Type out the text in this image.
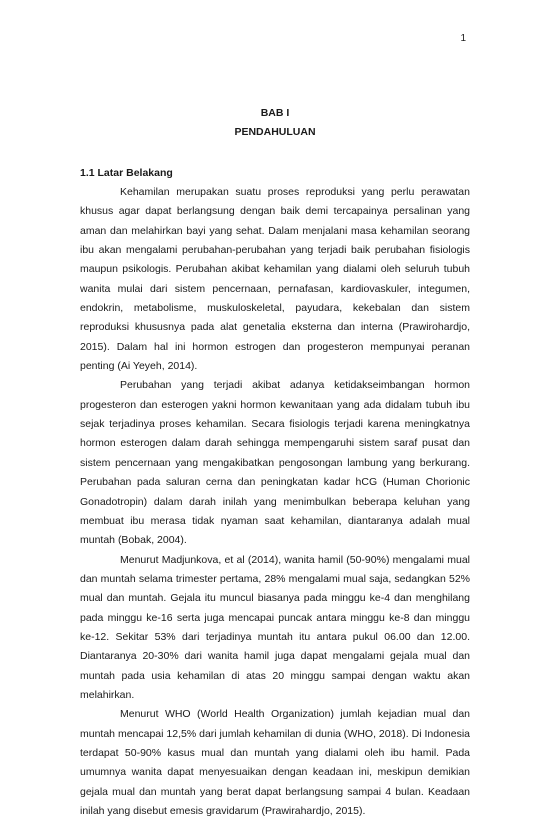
1

BAB I

PENDAHULUAN

1.1 Latar Belakang

Kehamilan merupakan suatu proses reproduksi yang perlu perawatan khusus agar dapat berlangsung dengan baik demi tercapainya persalinan yang aman dan melahirkan bayi yang sehat. Dalam menjalani masa kehamilan seorang ibu akan mengalami perubahan-perubahan yang terjadi baik perubahan fisiologis maupun psikologis. Perubahan akibat kehamilan yang dialami oleh seluruh tubuh wanita mulai dari sistem pencernaan, pernafasan, kardiovaskuler, integumen, endokrin, metabolisme, muskuloskeletal, payudara, kekebalan dan sistem reproduksi khususnya pada alat genetalia eksterna dan interna (Prawirohardjo, 2015). Dalam hal ini hormon estrogen dan progesteron mempunyai peranan penting (Ai Yeyeh, 2014).

Perubahan yang terjadi akibat adanya ketidakseimbangan hormon progesteron dan esterogen yakni hormon kewanitaan yang ada didalam tubuh ibu sejak terjadinya proses kehamilan. Secara fisiologis terjadi karena meningkatnya hormon esterogen dalam darah sehingga mempengaruhi sistem saraf pusat dan sistem pencernaan yang mengakibatkan pengosongan lambung yang berkurang. Perubahan pada saluran cerna dan peningkatan kadar hCG (Human Chorionic Gonadotropin) dalam darah inilah yang menimbulkan beberapa keluhan yang membuat ibu merasa tidak nyaman saat kehamilan, diantaranya adalah mual muntah (Bobak, 2004).

Menurut Madjunkova, et al (2014), wanita hamil (50-90%) mengalami mual dan muntah selama trimester pertama, 28% mengalami mual saja, sedangkan 52% mual dan muntah. Gejala itu muncul biasanya pada minggu ke-4 dan menghilang pada minggu ke-16 serta juga mencapai puncak antara minggu ke-8 dan minggu ke-12. Sekitar 53% dari terjadinya muntah itu antara pukul 06.00 dan 12.00. Diantaranya 20-30% dari wanita hamil juga dapat mengalami gejala mual dan muntah pada usia kehamilan di atas 20 minggu sampai dengan waktu akan melahirkan.

Menurut WHO (World Health Organization) jumlah kejadian mual dan muntah mencapai 12,5% dari jumlah kehamilan di dunia (WHO, 2018). Di Indonesia terdapat 50-90% kasus mual dan muntah yang dialami oleh ibu hamil. Pada umumnya wanita dapat menyesuaikan dengan keadaan ini, meskipun demikian gejala mual dan muntah yang berat dapat berlangsung sampai 4 bulan. Keadaan inilah yang disebut emesis gravidarum (Prawirahardjo, 2015).
